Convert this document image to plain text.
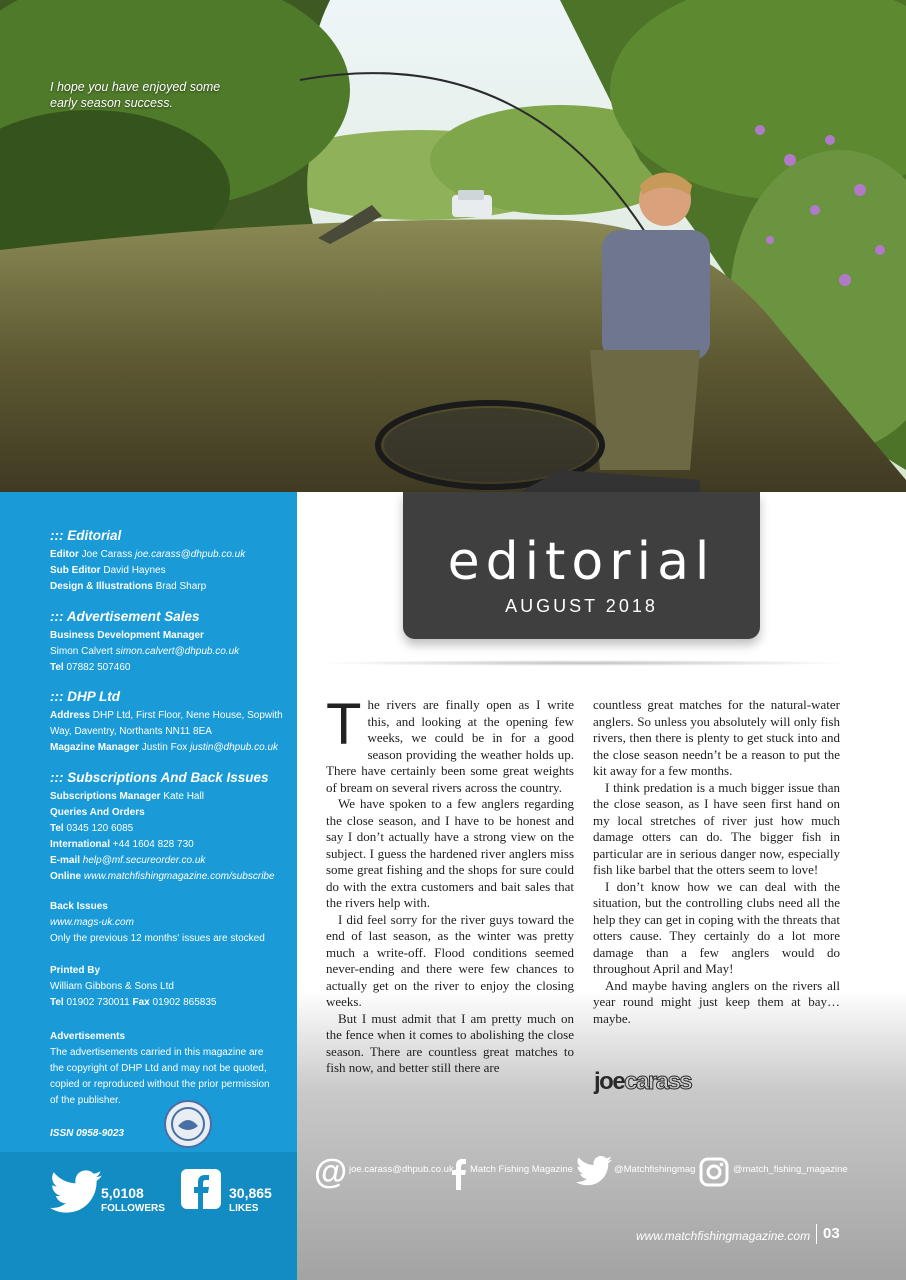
I hope you have enjoyed some early season success.
::: Editorial
Editor Joe Carass joe.carass@dhpub.co.uk
Sub Editor David Haynes
Design & Illustrations Brad Sharp
::: Advertisement Sales
Business Development Manager
Simon Calvert simon.calvert@dhpub.co.uk
Tel 07882 507460
::: DHP Ltd
Address DHP Ltd, First Floor, Nene House, Sopwith
Way, Daventry, Northants NN11 8EA
Magazine Manager Justin Fox justin@dhpub.co.uk
::: Subscriptions And Back Issues
Subscriptions Manager Kate Hall
Queries And Orders
Tel 0345 120 6085
International +44 1604 828 730
E-mail help@mf.secureorder.co.uk
Online www.matchfishingmagazine.com/subscribe
Back Issues
www.mags-uk.com
Only the previous 12 months' issues are stocked
Printed By
William Gibbons & Sons Ltd
Tel 01902 730011 Fax 01902 865835
Advertisements
The advertisements carried in this magazine are the copyright of DHP Ltd and may not be quoted, copied or reproduced without the prior permission of the publisher.
ISSN 0958-9023
5,0108
FOLLOWERS
30,865
LIKES
editorial
AUGUST 2018

The rivers are finally open as I write this, and looking at the opening few weeks, we could be in for a good season providing the weather holds up. There have certainly been some great weights of bream on several rivers across the country.

We have spoken to a few anglers regarding the close season, and I have to be honest and say I don’t actually have a strong view on the subject. I guess the hardened river anglers miss some great fishing and the shops for sure could do with the extra customers and bait sales that the rivers help with.

I did feel sorry for the river guys toward the end of last season, as the winter was pretty much a write-off. Flood conditions seemed never-ending and there were few chances to actually get on the river to enjoy the closing weeks.

But I must admit that I am pretty much on the fence when it comes to abolishing the close season. There are countless great matches to fish now, and better still there are

countless great matches for the natural-water anglers. So unless you absolutely will only fish rivers, then there is plenty to get stuck into and the close season needn’t be a reason to put the kit away for a few months.

I think predation is a much bigger issue than the close season, as I have seen first hand on my local stretches of river just how much damage otters can do. The bigger fish in particular are in serious danger now, especially fish like barbel that the otters seem to love!

I don’t know how we can deal with the situation, but the controlling clubs need all the help they can get in coping with the threats that otters cause. They certainly do a lot more damage than a few anglers would do throughout April and May!

And maybe having anglers on the rivers all year round might just keep them at bay… maybe.

joecarass
@ joe.carass@dhpub.co.uk Match Fishing Magazine	@Matchfishingmag	@match_fishing_magazine
www.matchfishingmagazine.com 03
